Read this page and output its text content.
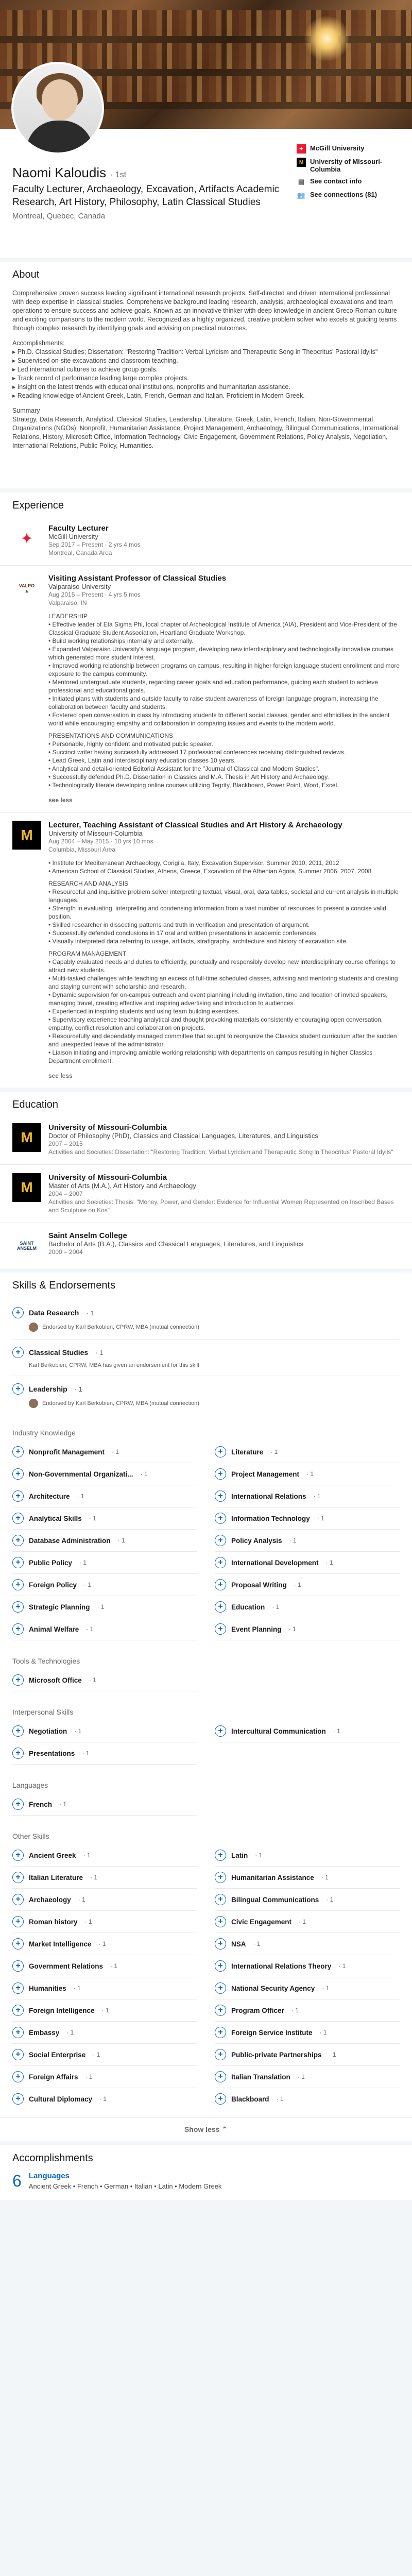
Naomi Kaloudis · 1st
Faculty Lecturer, Archaeology, Excavation, Artifacts Academic Research, Art History, Philosophy, Latin Classical Studies
Montreal, Quebec, Canada
✦ McGill University
M University of Missouri-Columbia
▤ See contact info
👥 See connections (81)
About

Comprehensive proven success leading significant international research projects. Self-directed and driven international professional with deep expertise in classical studies. Comprehensive background leading research, analysis, archaeological excavations and team operations to ensure success and achieve goals. Known as an innovative thinker with deep knowledge in ancient Greco-Roman culture and exciting comparisons to the modern world. Recognized as a highly organized, creative problem solver who excels at guiding teams through complex research by identifying goals and advising on practical outcomes.

Accomplishments:
▸ Ph.D. Classical Studies; Dissertation: "Restoring Tradition: Verbal Lyricism and Therapeutic Song in Theocritus' Pastoral Idylls"
▸ Supervised on-site excavations and classroom teaching.
▸ Led international cultures to achieve group goals.
▸ Track record of performance leading large complex projects.
▸ Insight on the latest trends with educational institutions, nonprofits and humanitarian assistance.
▸ Reading knowledge of Ancient Greek, Latin, French, German and Italian. Proficient in Modern Greek.

Summary
Strategy, Data Research, Analytical, Classical Studies, Leadership, Literature, Greek, Latin, French, Italian, Non-Governmental Organizations (NGOs), Nonprofit, Humanitarian Assistance, Project Management, Archaeology, Bilingual Communications, International Relations, History, Microsoft Office, Information Technology, Civic Engagement, Government Relations, Policy Analysis, Negotiation, International Relations, Public Policy, Humanities.

Experience
✦
Faculty Lecturer
McGill University
Sep 2017 – Present · 2 yrs 4 mos
Montreal, Canada Area
VALPO
▲
Visiting Assistant Professor of Classical Studies
Valparaiso University
Aug 2015 – Present · 4 yrs 5 mos
Valparaiso, IN

LEADERSHIP
• Effective leader of Eta Sigma Phi, local chapter of Archeological Institute of America (AIA), President and Vice-President of the Classical Graduate Student Association, Heartland Graduate Workshop.
• Build working relationships internally and externally.
• Expanded Valparaiso University's language program, developing new interdisciplinary and technologically innovative courses which generated more student interest.
• Improved working relationship between programs on campus, resulting in higher foreign language student enrollment and more exposure to the campus community.
• Mentored undergraduate students, regarding career goals and education performance, guiding each student to achieve professional and educational goals.
• Initiated plans with students and outside faculty to raise student awareness of foreign language program, increasing the collaboration between faculty and students.
• Fostered open conversation in class by introducing students to different social classes, gender and ethnicities in the ancient world while encouraging empathy and collaboration in comparing issues and events to the modern world.

PRESENTATIONS AND COMMUNICATIONS
• Personable, highly confident and motivated public speaker.
• Succinct writer having successfully addressed 17 professional conferences receiving distinguished reviews.
• Lead Greek, Latin and interdisciplinary education classes 10 years.
• Analytical and detail-oriented Editorial Assistant for the "Journal of Classical and Modern Studies".
• Successfully defended Ph.D. Dissertation in Classics and M.A. Thesis in Art History and Archaeology.
• Technologically literate developing online courses utilizing Tegrity, Blackboard, Power Point, Word, Excel.

see less
M
Lecturer, Teaching Assistant of Classical Studies and Art History & Archaeology
University of Missouri-Columbia
Aug 2004 – May 2015 · 10 yrs 10 mos
Columbia, Missouri Area

• Institute for Mediterranean Archaeology, Corigila, Italy, Excavation Supervisor, Summer 2010, 2011, 2012
• American School of Classical Studies, Athens, Greece, Excavation of the Athenian Agora, Summer 2006, 2007, 2008

RESEARCH AND ANALYSIS
• Resourceful and inquisitive problem solver interpreting textual, visual, oral, data tables, societal and current analysis in multiple languages.
• Strength in evaluating, interpreting and condensing information from a vast number of resources to present a concise valid position.
• Skilled researcher in dissecting patterns and truth in verification and presentation of argument.
• Successfully defended conclusions in 17 oral and written presentations in academic conferences.
• Visually interpreted data referring to usage, artifacts, stratigraphy, architecture and history of excavation site.

PROGRAM MANAGEMENT
• Capably evaluated needs and duties to efficiently, punctually and responsibly develop new interdisciplinary course offerings to attract new students.
• Multi-tasked challenges while teaching an excess of full-time scheduled classes, advising and mentoring students and creating and staying current with scholarship and research.
• Dynamic supervision for on-campus outreach and event planning including invitation, time and location of invited speakers, managing travel, creating effective and inspiring advertising and introduction to audiences.
• Experienced in inspiring students and using team building exercises.
• Supervisory experience teaching analytical and thought provoking materials consistently encouraging open conversation, empathy, conflict resolution and collaboration on projects.
• Resourcefully and dependably managed committee that sought to reorganize the Classics student curriculum after the sudden and unexpected leave of the administrator.
• Liaison initiating and improving amiable working relationship with departments on campus resulting in higher Classics Department enrollment.

see less
Education
M
University of Missouri-Columbia
Doctor of Philosophy (PhD), Classics and Classical Languages, Literatures, and Linguistics
2007 – 2015
Activities and Societies: Dissertation: "Restoring Tradition: Verbal Lyricism and Therapeutic Song in Theocritus' Pastoral Idylls"
M
University of Missouri-Columbia
Master of Arts (M.A.), Art History and Archaeology
2004 – 2007
Activities and Societies: Thesis: "Money, Power, and Gender: Evidence for Influential Women Represented on Inscribed Bases and Sculpture on Kos"
SAINT
ANSELM
Saint Anselm College
Bachelor of Arts (B.A.), Classics and Classical Languages, Literatures, and Linguistics
2000 – 2004
Skills & Endorsements
+	Data Research · 1
Endorsed by Karl Berkobien, CPRW, MBA (mutual connection)
+	Classical Studies · 1
Karl Berkobien, CPRW, MBA has given an endorsement for this skill
+	Leadership · 1
Endorsed by Karl Berkobien, CPRW, MBA (mutual connection)
Industry Knowledge
+	Nonprofit Management · 1	+	Literature · 1
+	Non-Governmental Organizati... · 1	+	Project Management · 1
+	Architecture · 1	+	International Relations · 1
+	Analytical Skills · 1	+	Information Technology · 1
+	Database Administration · 1	+	Policy Analysis · 1
+	Public Policy · 1	+	International Development · 1
+	Foreign Policy · 1	+	Proposal Writing · 1
+	Strategic Planning · 1	+	Education · 1
+	Animal Welfare · 1	+	Event Planning · 1
Tools & Technologies
+	Microsoft Office · 1
Interpersonal Skills
+	Negotiation · 1	+	Intercultural Communication · 1
+	Presentations · 1
Languages
+	French · 1
Other Skills
+	Ancient Greek · 1	+	Latin · 1
+	Italian Literature · 1	+	Humanitarian Assistance · 1
+	Archaeology · 1	+	Bilingual Communications · 1
+	Roman history · 1	+	Civic Engagement · 1
+	Market Intelligence · 1	+	NSA · 1
+	Government Relations · 1	+	International Relations Theory · 1
+	Humanities · 1	+	National Security Agency · 1
+	Foreign Intelligence · 1	+	Program Officer · 1
+	Embassy · 1	+	Foreign Service Institute · 1
+	Social Enterprise · 1	+	Public-private Partnerships · 1
+	Foreign Affairs · 1	+	Italian Translation · 1
+	Cultural Diplomacy · 1	+	Blackboard · 1
Show less ⌃
Accomplishments
6 Languages
Ancient Greek • French • German • Italian • Latin • Modern Greek
